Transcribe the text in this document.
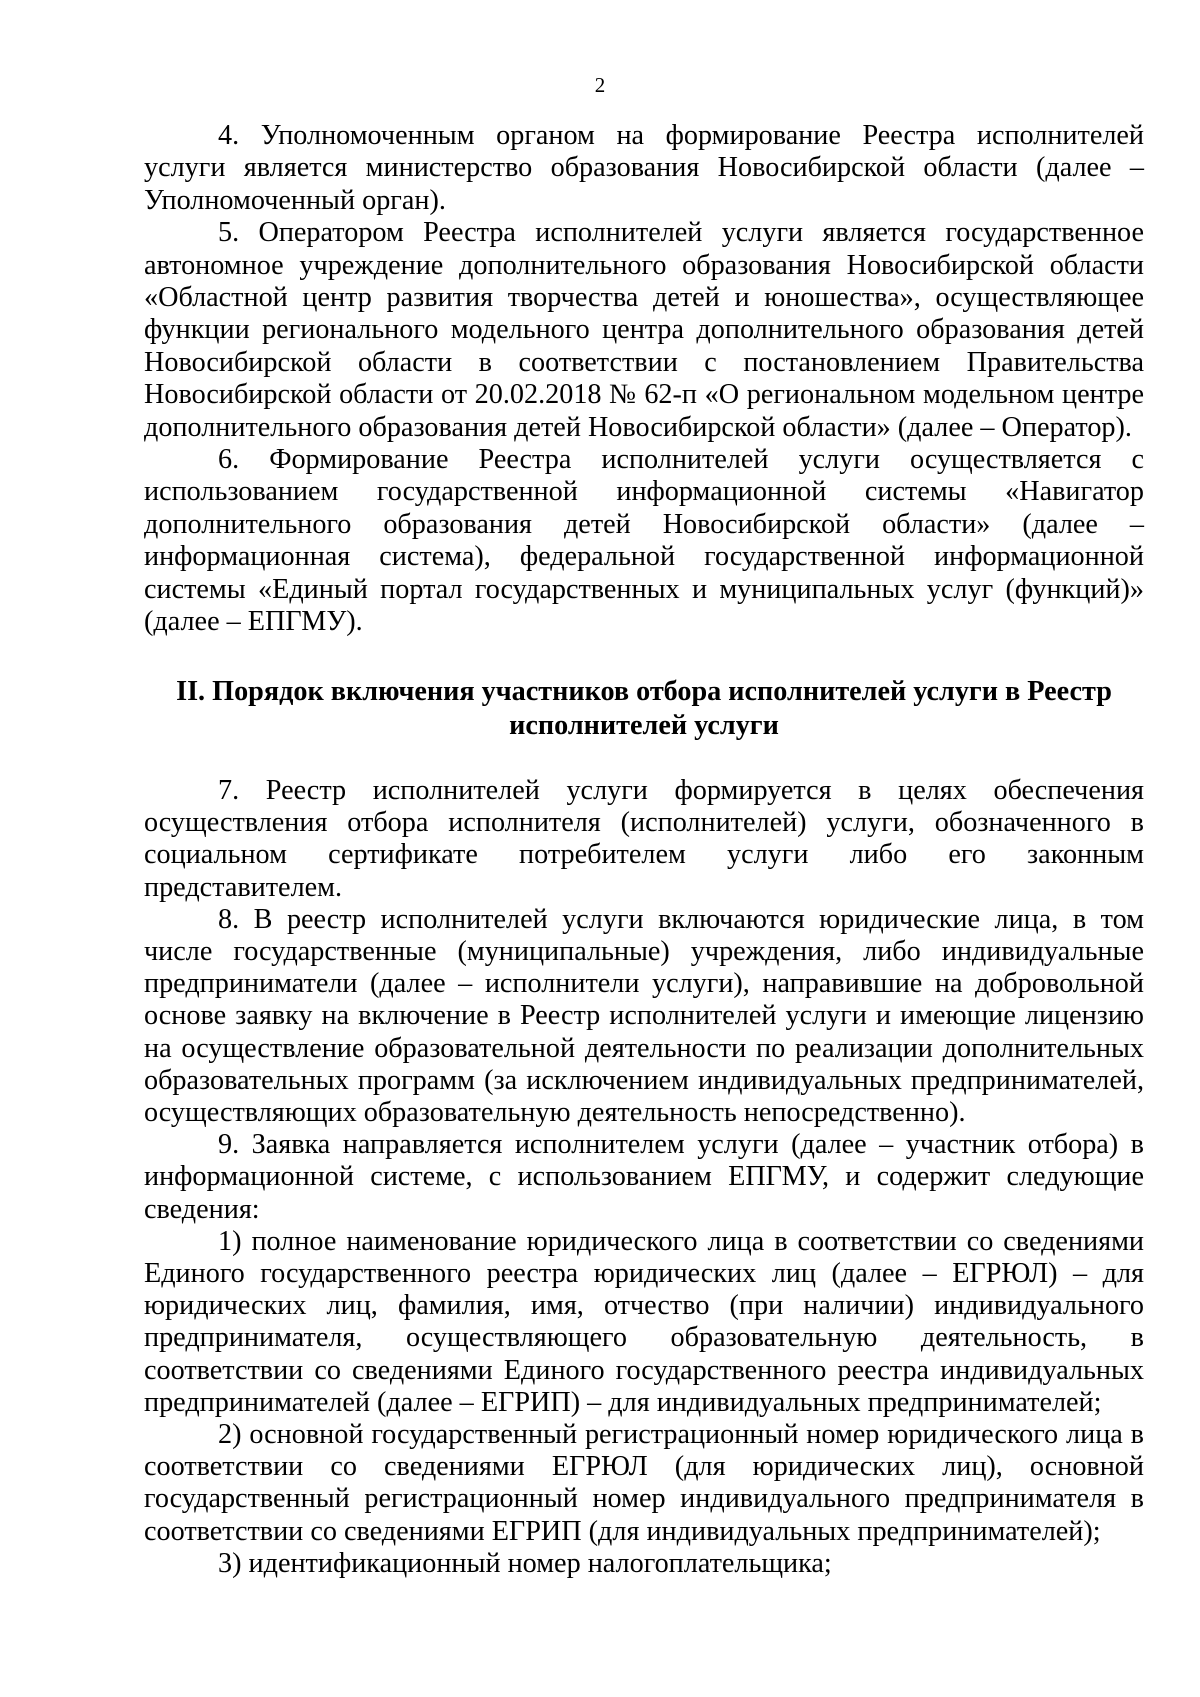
2

4. Уполномоченным органом на формирование Реестра исполнителей услуги является министерство образования Новосибирской области (далее – Уполномоченный орган).

5. Оператором Реестра исполнителей услуги является государственное автономное учреждение дополнительного образования Новосибирской области «Областной центр развития творчества детей и юношества», осуществляющее функции регионального модельного центра дополнительного образования детей Новосибирской области в соответствии с постановлением Правительства Новосибирской области от 20.02.2018 № 62-п «О региональном модельном центре дополнительного образования детей Новосибирской области» (далее – Оператор).

6. Формирование Реестра исполнителей услуги осуществляется с использованием государственной информационной системы «Навигатор дополнительного образования детей Новосибирской области» (далее – информационная система), федеральной государственной информационной системы «Единый портал государственных и муниципальных услуг (функций)» (далее – ЕПГМУ).

II. Порядок включения участников отбора исполнителей услуги в Реестр исполнителей услуги

7. Реестр исполнителей услуги формируется в целях обеспечения осуществления отбора исполнителя (исполнителей) услуги, обозначенного в социальном сертификате потребителем услуги либо его законным представителем.

8. В реестр исполнителей услуги включаются юридические лица, в том числе государственные (муниципальные) учреждения, либо индивидуальные предприниматели (далее – исполнители услуги), направившие на добровольной основе заявку на включение в Реестр исполнителей услуги и имеющие лицензию на осуществление образовательной деятельности по реализации дополнительных образовательных программ (за исключением индивидуальных предпринимателей, осуществляющих образовательную деятельность непосредственно).

9. Заявка направляется исполнителем услуги (далее – участник отбора) в информационной системе, с использованием ЕПГМУ, и содержит следующие сведения:

1) полное наименование юридического лица в соответствии со сведениями Единого государственного реестра юридических лиц (далее – ЕГРЮЛ) – для юридических лиц, фамилия, имя, отчество (при наличии) индивидуального предпринимателя, осуществляющего образовательную деятельность, в соответствии со сведениями Единого государственного реестра индивидуальных предпринимателей (далее – ЕГРИП) – для индивидуальных предпринимателей;

2) основной государственный регистрационный номер юридического лица в соответствии со сведениями ЕГРЮЛ (для юридических лиц), основной государственный регистрационный номер индивидуального предпринимателя в соответствии со сведениями ЕГРИП (для индивидуальных предпринимателей);

3) идентификационный номер налогоплательщика;
